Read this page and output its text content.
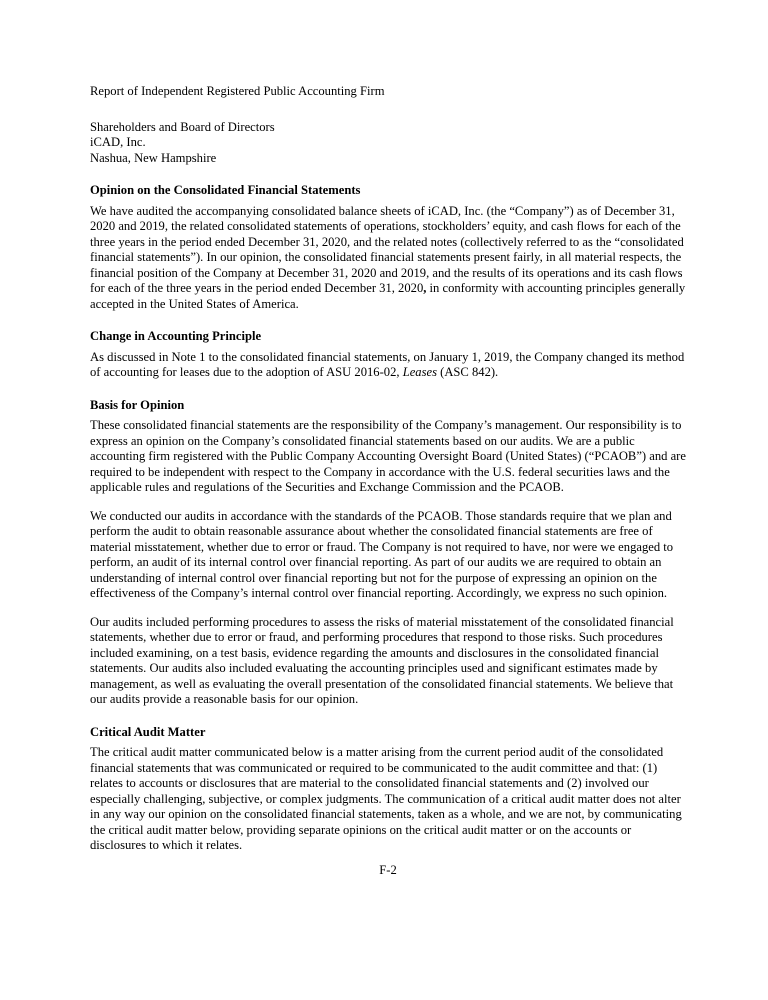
Report of Independent Registered Public Accounting Firm

Shareholders and Board of Directors
iCAD, Inc.
Nashua, New Hampshire
Opinion on the Consolidated Financial Statements

We have audited the accompanying consolidated balance sheets of iCAD, Inc. (the “Company”) as of December 31, 2020 and 2019, the related consolidated statements of operations, stockholders’ equity, and cash flows for each of the three years in the period ended December 31, 2020, and the related notes (collectively referred to as the “consolidated financial statements”). In our opinion, the consolidated financial statements present fairly, in all material respects, the financial position of the Company at December 31, 2020 and 2019, and the results of its operations and its cash flows for each of the three years in the period ended December 31, 2020, in conformity with accounting principles generally accepted in the United States of America.

Change in Accounting Principle

As discussed in Note 1 to the consolidated financial statements, on January 1, 2019, the Company changed its method of accounting for leases due to the adoption of ASU 2016-02, Leases (ASC 842).

Basis for Opinion

These consolidated financial statements are the responsibility of the Company’s management. Our responsibility is to express an opinion on the Company’s consolidated financial statements based on our audits. We are a public accounting firm registered with the Public Company Accounting Oversight Board (United States) (“PCAOB”) and are required to be independent with respect to the Company in accordance with the U.S. federal securities laws and the applicable rules and regulations of the Securities and Exchange Commission and the PCAOB.

We conducted our audits in accordance with the standards of the PCAOB. Those standards require that we plan and perform the audit to obtain reasonable assurance about whether the consolidated financial statements are free of material misstatement, whether due to error or fraud. The Company is not required to have, nor were we engaged to perform, an audit of its internal control over financial reporting. As part of our audits we are required to obtain an understanding of internal control over financial reporting but not for the purpose of expressing an opinion on the effectiveness of the Company’s internal control over financial reporting. Accordingly, we express no such opinion.

Our audits included performing procedures to assess the risks of material misstatement of the consolidated financial statements, whether due to error or fraud, and performing procedures that respond to those risks. Such procedures included examining, on a test basis, evidence regarding the amounts and disclosures in the consolidated financial statements. Our audits also included evaluating the accounting principles used and significant estimates made by management, as well as evaluating the overall presentation of the consolidated financial statements. We believe that our audits provide a reasonable basis for our opinion.

Critical Audit Matter

The critical audit matter communicated below is a matter arising from the current period audit of the consolidated financial statements that was communicated or required to be communicated to the audit committee and that: (1) relates to accounts or disclosures that are material to the consolidated financial statements and (2) involved our especially challenging, subjective, or complex judgments. The communication of a critical audit matter does not alter in any way our opinion on the consolidated financial statements, taken as a whole, and we are not, by communicating the critical audit matter below, providing separate opinions on the critical audit matter or on the accounts or disclosures to which it relates.

F-2
